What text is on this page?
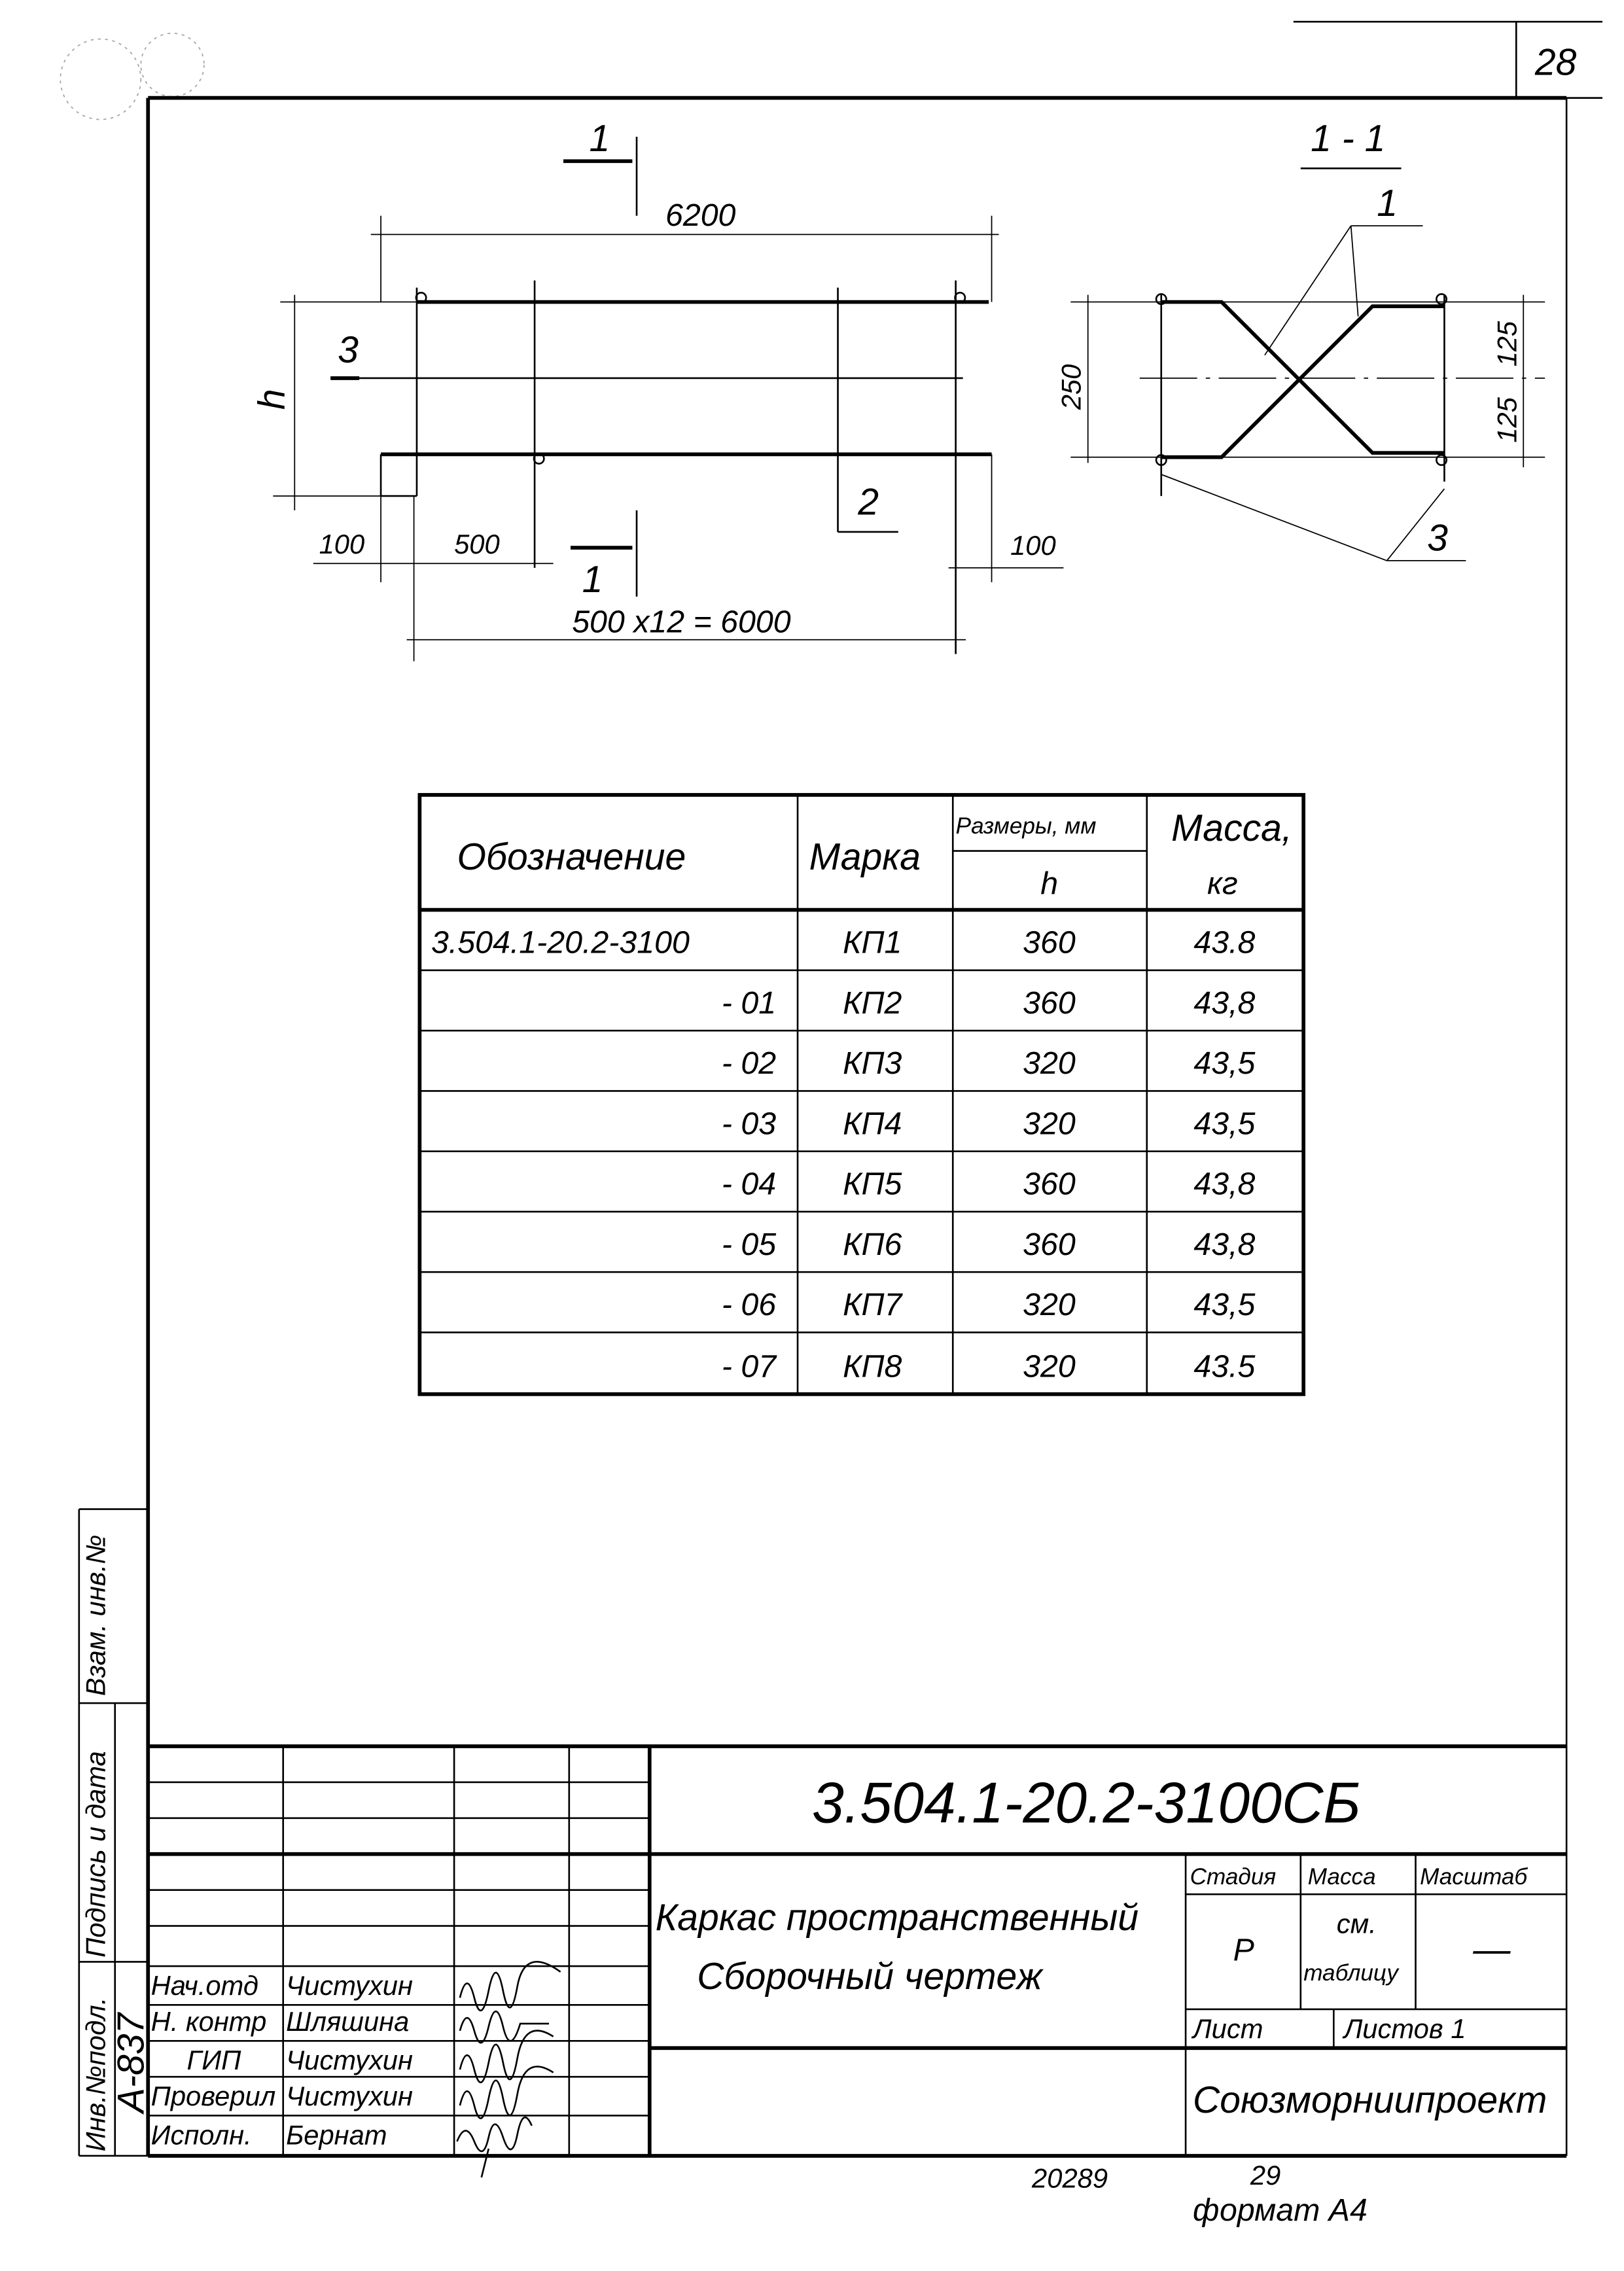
28
6200
h
3
2
100	500	100
500 x12 = 6000
1
1
1 - 1
1
3
250
125
125
Обозначение	Марка
Размеры, мм
h
Масса,
кг
3.504.1-20.2-3100	КП1	360	43.8
- 01	КП2	360	43,8
- 02	КП3	320	43,5
- 03	КП4	320	43,5
- 04	КП5	360	43,8
- 05	КП6	360	43,8
- 06	КП7	320	43,5
- 07	КП8	320	43.5
Взам. инв.№
Подпись и дата
Инв.№подл. А-837
3.504.1-20.2-3100СБ
Каркас пространственный
Сборочный чертеж
Стадия	Масса	Масштаб
Р
см.
таблицу
—
Лист	Листов 1
Союзморниипроект
Нач.отд Чистухин
Н. контр Шляшина
ГИП	Чистухин
Проверил Чистухин
Исполн.	Бернат
20289	29
формат А4
